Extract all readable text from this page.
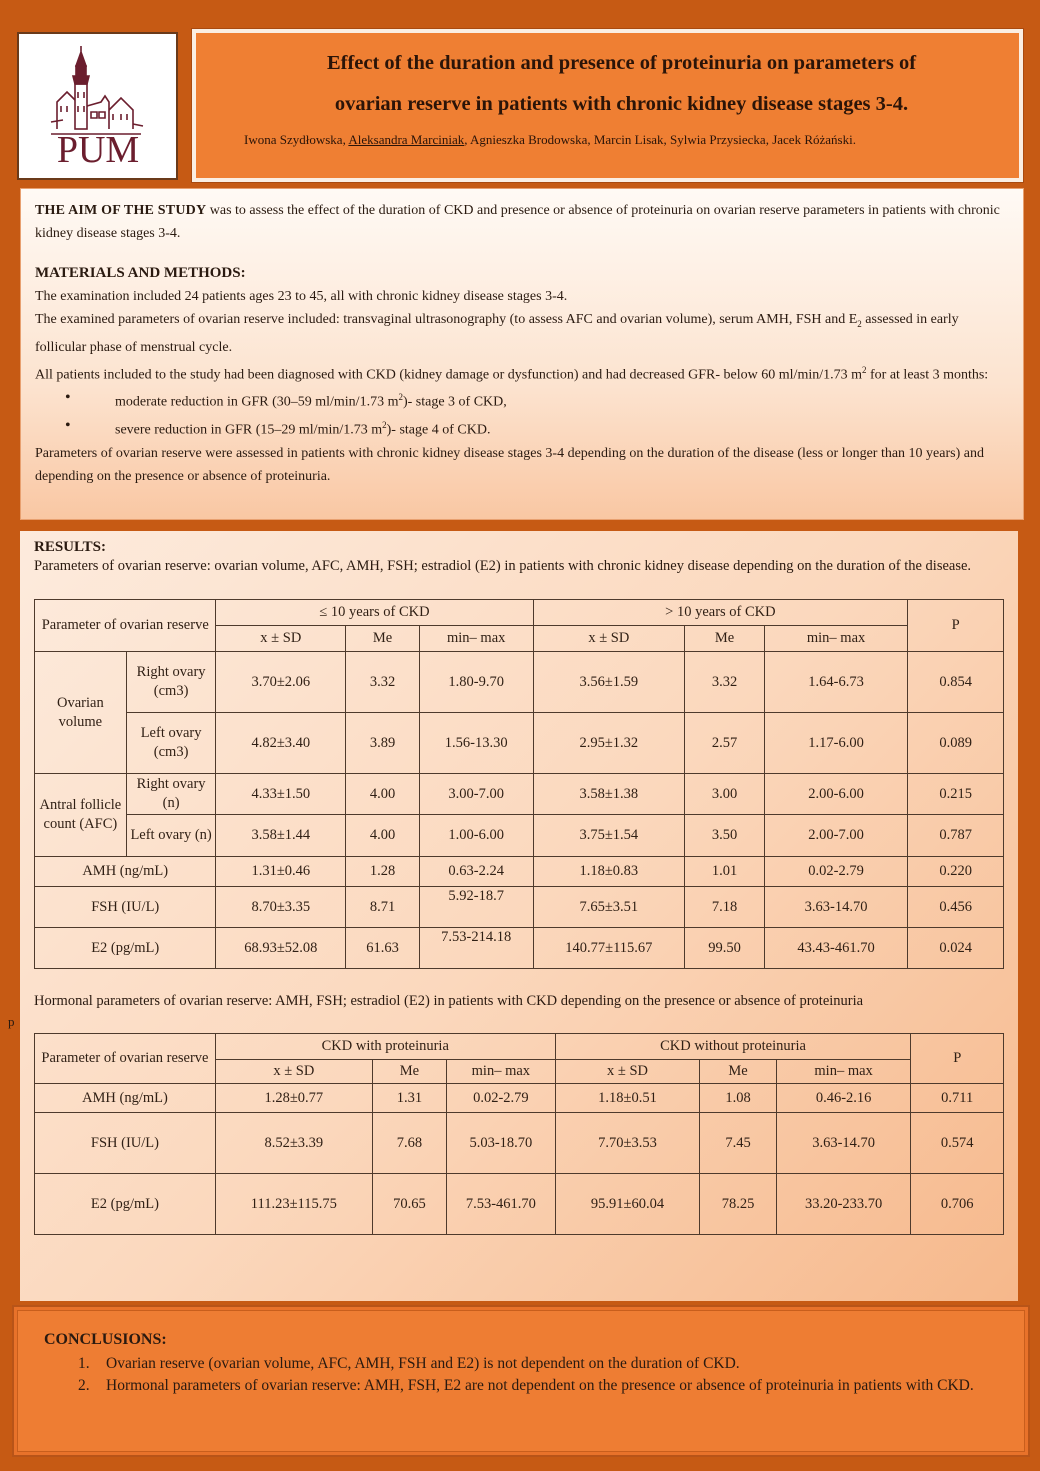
PUM
Effect of the duration and presence of proteinuria on parameters of
ovarian reserve in patients with chronic kidney disease stages 3-4.
Iwona Szydłowska, Aleksandra Marciniak, Agnieszka Brodowska, Marcin Lisak, Sylwia Przysiecka, Jacek Różański.

THE AIM OF THE STUDY was to assess the effect of the duration of CKD and presence or absence of proteinuria on ovarian reserve parameters in patients with chronic kidney disease stages 3-4.

MATERIALS AND METHODS:

The examination included 24 patients ages 23 to 45, all with chronic kidney disease stages 3-4.

The examined parameters of ovarian reserve included: transvaginal ultrasonography (to assess AFC and ovarian volume), serum AMH, FSH and $E_2$ assessed in early follicular phase of menstrual cycle.

All patients included to the study had been diagnosed with CKD (kidney damage or dysfunction) and had decreased GFR- below 60 ml/min/1.73 $m^2$ for at least 3 months:

• moderate reduction in GFR (30–59 ml/min/1.73 $m^2)-$ stage 3 of CKD,
• severe reduction in GFR (15–29 ml/min/1.73 $m^2)-$ stage 4 of CKD.

Parameters of ovarian reserve were assessed in patients with chronic kidney disease stages 3-4 depending on the duration of the disease (less or longer than 10 years) and depending on the presence or absence of proteinuria.

RESULTS:

Parameters of ovarian reserve: ovarian volume, AFC, AMH, FSH; estradiol (E2) in patients with chronic kidney disease depending on the duration of the disease.

Parameter of ovarian reserve		≤ 10 years of CKD			> 10 years of CKD			P
		x ± SD	Me	min– max	x ± SD	Me	min– max	
Ovarian volume	Right ovary (cm3)	3.70±2.06	3.32	1.80-9.70	3.56±1.59	3.32	1.64-6.73	0.854
	Left ovary (cm3)	4.82±3.40	3.89	1.56-13.30	2.95±1.32	2.57	1.17-6.00	0.089
Antral follicle count (AFC)	Right ovary (n)	4.33±1.50	4.00	3.00-7.00	3.58±1.38	3.00	2.00-6.00	0.215
	Left ovary (n)	3.58±1.44	4.00	1.00-6.00	3.75±1.54	3.50	2.00-7.00	0.787
AMH (ng/mL)		1.31±0.46	1.28	0.63-2.24	1.18±0.83	1.01	0.02-2.79	0.220
FSH (IU/L)		8.70±3.35	8.71	5.92-18.7	7.65±3.51	7.18	3.63-14.70	0.456
E2 (pg/mL)		68.93±52.08	61.63	7.53-214.18	140.77±115.67	99.50	43.43-461.70	0.024

p
Hormonal parameters of ovarian reserve: AMH, FSH; estradiol (E2) in patients with CKD depending on the presence or absence of proteinuria

Parameter of ovarian reserve	CKD with proteinuria			CKD without proteinuria			P
	x ± SD	Me	min– max	x ± SD	Me	min– max	
AMH (ng/mL)	1.28±0.77	1.31	0.02-2.79	1.18±0.51	1.08	0.46-2.16	0.711
FSH (IU/L)	8.52±3.39	7.68	5.03-18.70	7.70±3.53	7.45	3.63-14.70	0.574
E2 (pg/mL)	111.23±115.75	70.65	7.53-461.70	95.91±60.04	78.25	33.20-233.70	0.706
CONCLUSIONS:
1. Ovarian reserve (ovarian volume, AFC, AMH, FSH and E2) is not dependent on the duration of CKD.
2. Hormonal parameters of ovarian reserve: AMH, FSH, E2 are not dependent on the presence or absence of proteinuria in patients with CKD.
